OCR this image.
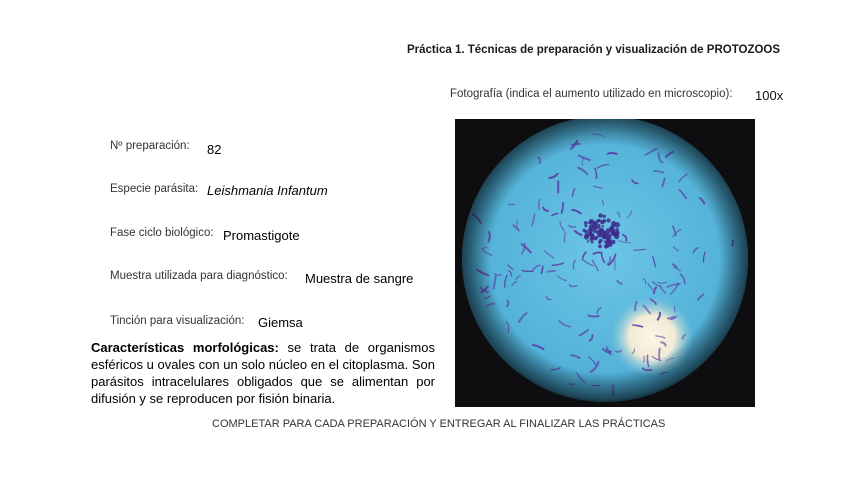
Práctica 1. Técnicas de preparación y visualización de PROTOZOOS
Fotografía (indica el aumento utilizado en microscopio): 100x
Nº preparación: 82
Especie parásita: Leishmania Infantum
Fase ciclo biológico: Promastigote
Muestra utilizada para diagnóstico: Muestra de sangre
Tinción para visualización: Giemsa
Características morfológicas: se trata de organismos esféricos u ovales con un solo núcleo en el citoplasma. Son parásitos intracelulares obligados que se alimentan por difusión y se reproducen por fisión binaria.
COMPLETAR PARA CADA PREPARACIÓN Y ENTREGAR AL FINALIZAR LAS PRÁCTICAS
